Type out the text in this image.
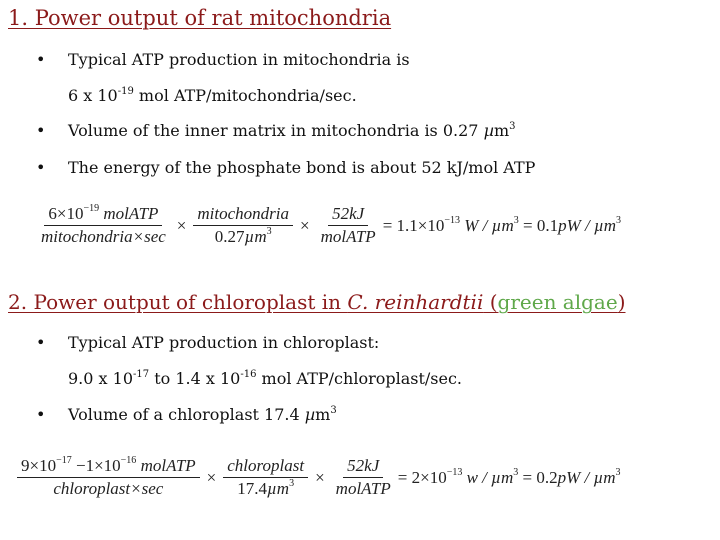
1. Power output of rat mitochondria
• Typical ATP production in mitochondria is
6 x $10^{-19}$ mol ATP/mitochondria/sec.
• Volume of the inner matrix in mitochondria is 0.27 µm$^3$
• The energy of the phosphate bond is about 52 kJ/mol ATP
$\frac{6\times 10^{-19} molATP}{\text{mitochondria×sec}} \times \frac{\text{mitochondria}}{0.27\mu m^3} \times \frac{52kJ}{\text{molATP}} = 1.1\times 10^{-13}$ W / µm$^3$ = 0.1pW / µm$^3$
2. Power output of chloroplast in C. reinhardtii (green algae)
• Typical ATP production in chloroplast:
9.0 x $10^{-17}$ to 1.4 x $10^{-16}$ mol ATP/chloroplast/sec.
• Volume of a chloroplast 17.4 µm$^3$
$\frac{9\times 10^{-17} -1\times 10^{-16} molATP}{\text{chloroplast×sec}} \times \frac{\text{chloroplast}}{17.4\mu m^3} \times \frac{52kJ}{\text{molATP}} = 2\times 10^{-13}$ w / µm$^3$ = 0.2pW / µm$^3$
